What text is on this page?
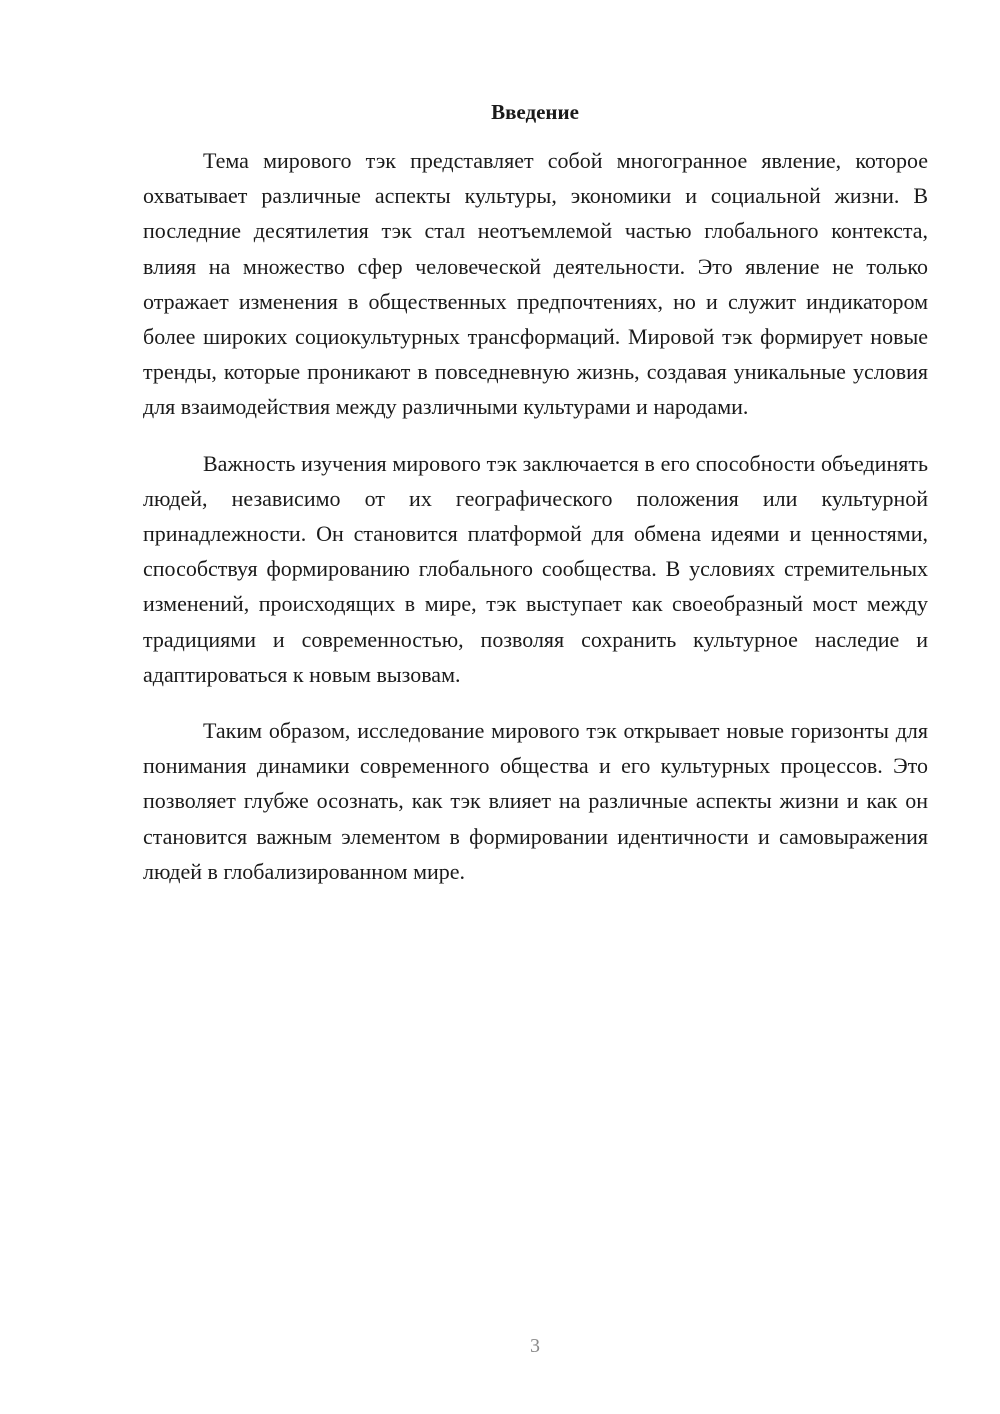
Введение

Тема мирового тэк представляет собой многогранное явление, которое охватывает различные аспекты культуры, экономики и социальной жизни. В последние десятилетия тэк стал неотъемлемой частью глобального контекста, влияя на множество сфер человеческой деятельности. Это явление не только отражает изменения в общественных предпочтениях, но и служит индикатором более широких социокультурных трансформаций. Мировой тэк формирует новые тренды, которые проникают в повседневную жизнь, создавая уникальные условия для взаимодействия между различными культурами и народами.

Важность изучения мирового тэк заключается в его способности объединять людей, независимо от их географического положения или культурной принадлежности. Он становится платформой для обмена идеями и ценностями, способствуя формированию глобального сообщества. В условиях стремительных изменений, происходящих в мире, тэк выступает как своеобразный мост между традициями и современностью, позволяя сохранить культурное наследие и адаптироваться к новым вызовам.

Таким образом, исследование мирового тэк открывает новые горизонты для понимания динамики современного общества и его культурных процессов. Это позволяет глубже осознать, как тэк влияет на различные аспекты жизни и как он становится важным элементом в формировании идентичности и самовыражения людей в глобализированном мире.

3
